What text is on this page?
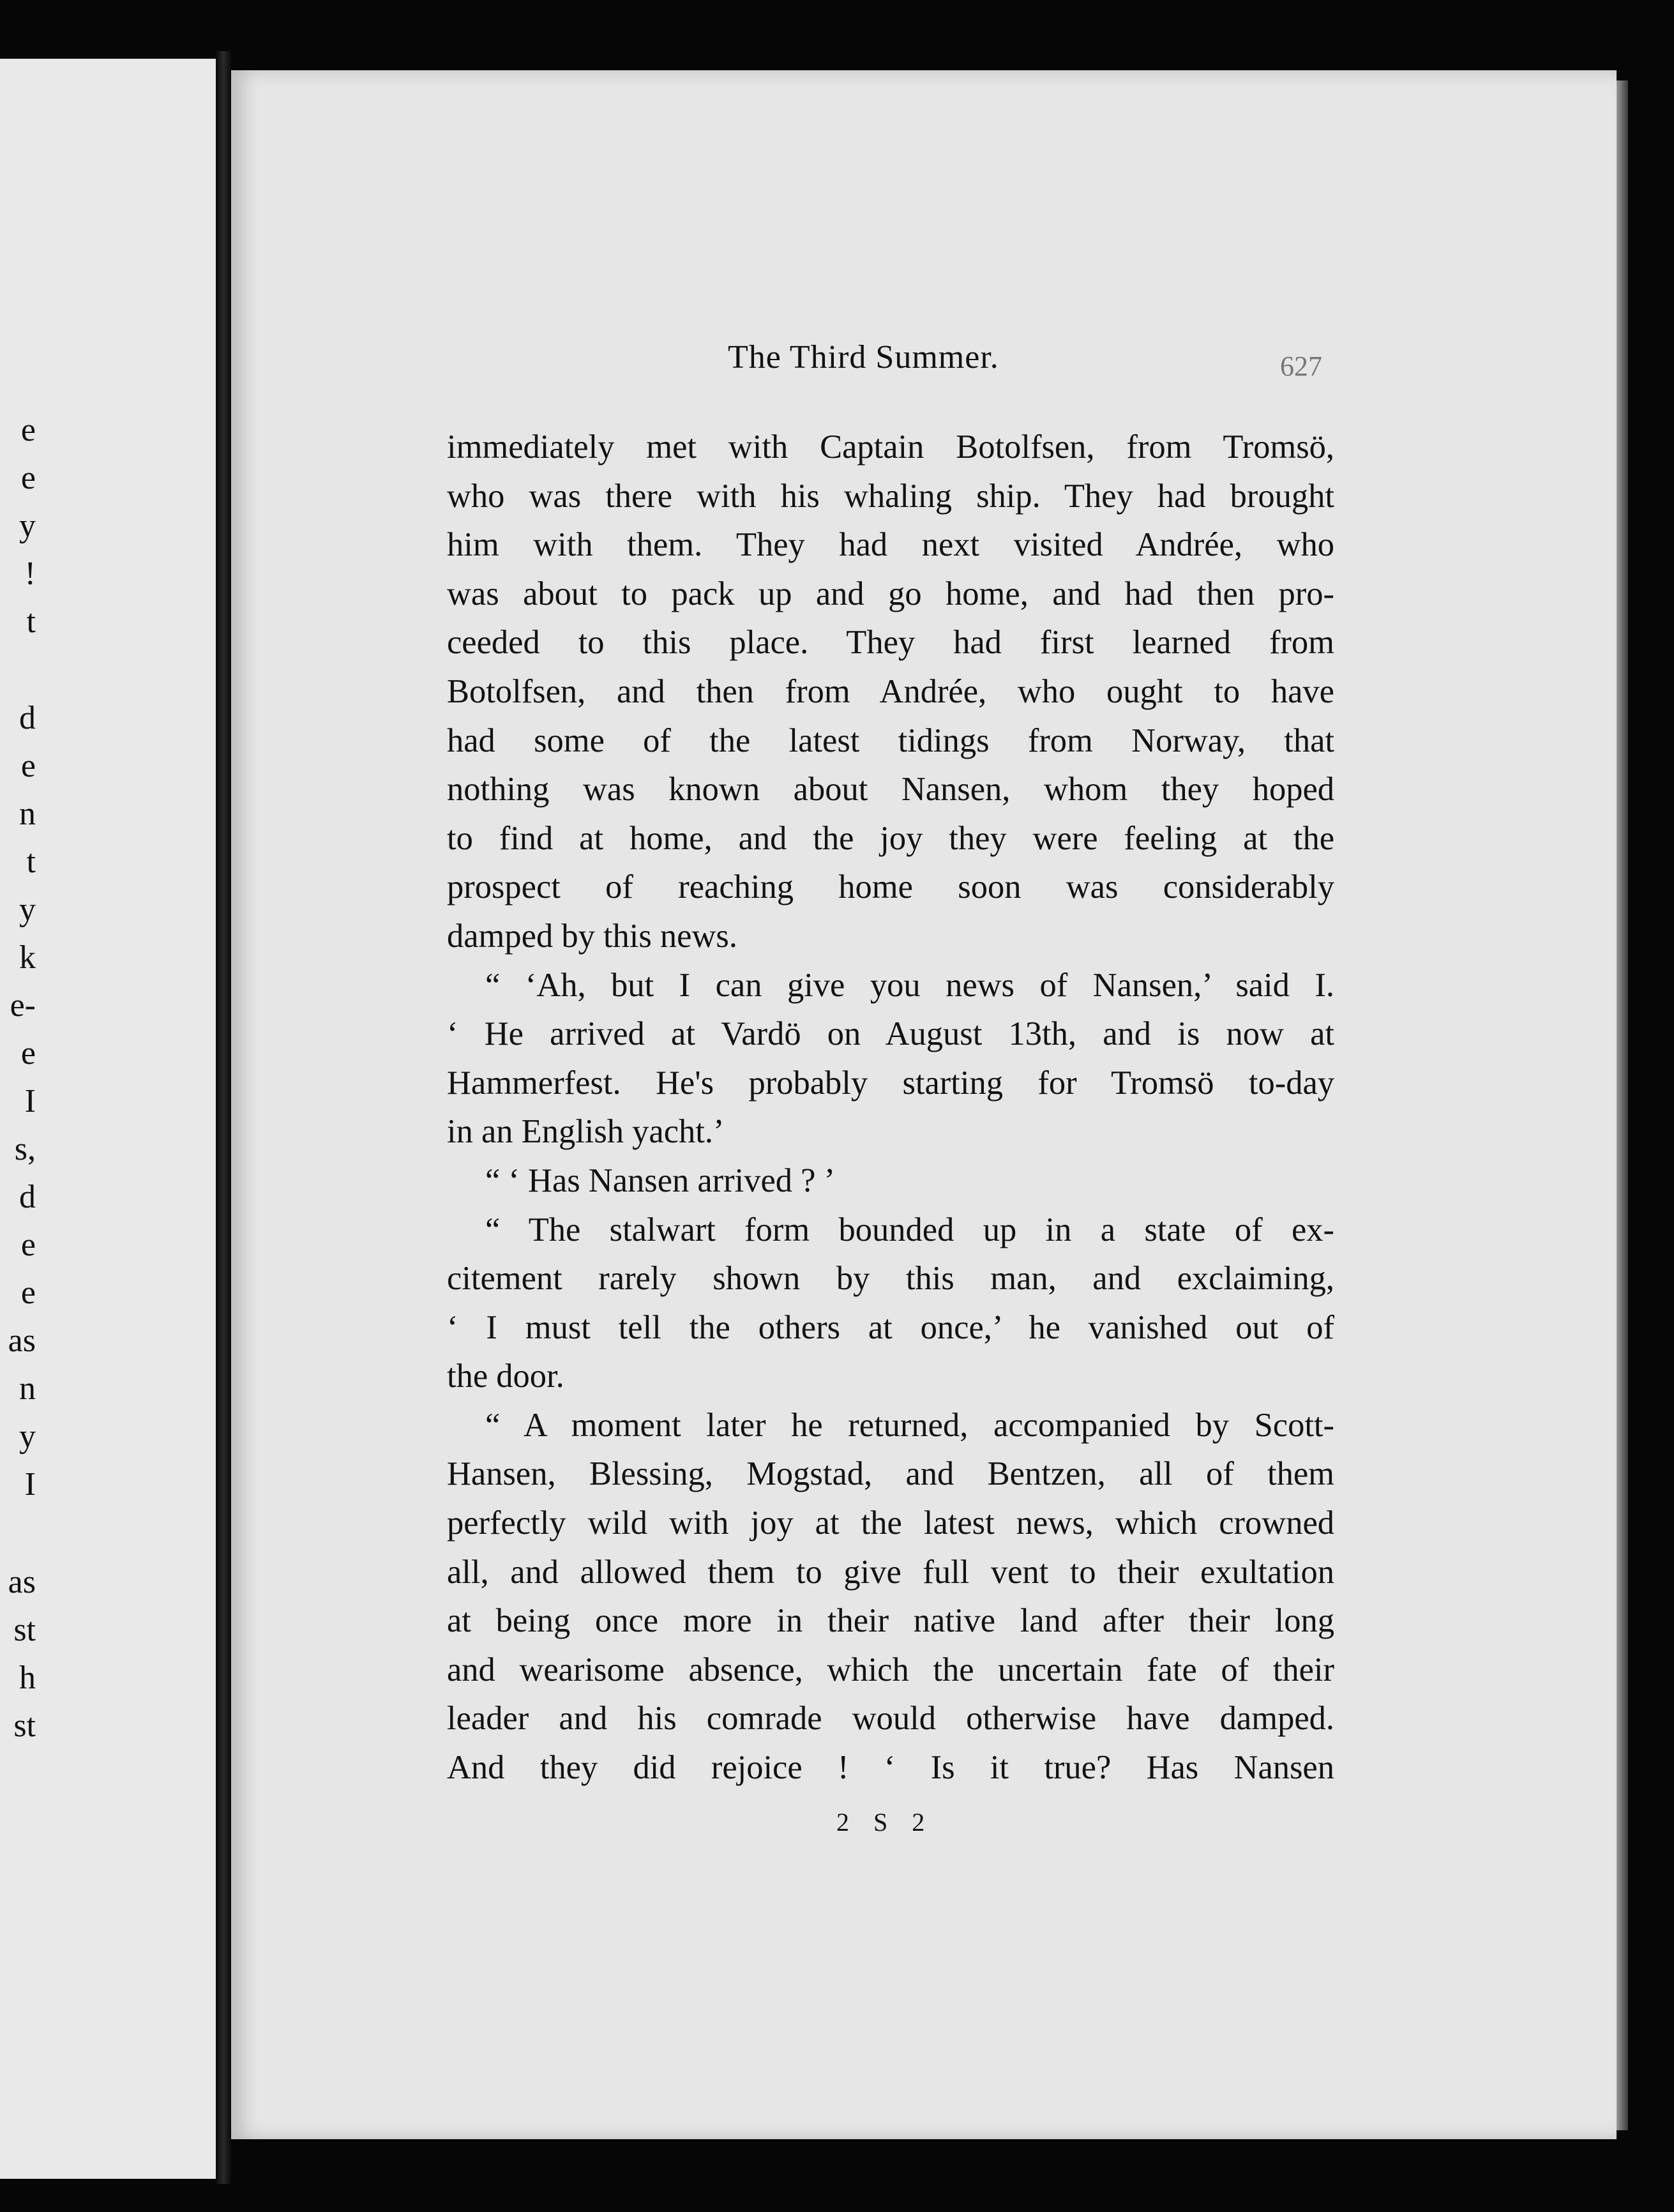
e
e
y
!
t
d
e
n
t
y
k
e-
e
I
s,
d
e
e
as
n
y
I
as
st
h
st
The Third Summer.	627
immediately met with Captain Botolfsen, from Tromsö,
who was there with his whaling ship. They had brought
him with them. They had next visited Andrée, who
was about to pack up and go home, and had then pro-
ceeded to this place. They had first learned from
Botolfsen, and then from Andrée, who ought to have
had some of the latest tidings from Norway, that
nothing was known about Nansen, whom they hoped
to find at home, and the joy they were feeling at the
prospect of reaching home soon was considerably
damped by this news.
“ ‘Ah, but I can give you news of Nansen,’ said I.
‘ He arrived at Vardö on August 13th, and is now at
Hammerfest. He's probably starting for Tromsö to-day
in an English yacht.’
“ ‘ Has Nansen arrived ? ’
“ The stalwart form bounded up in a state of ex-
citement rarely shown by this man, and exclaiming,
‘ I must tell the others at once,’ he vanished out of
the door.
“ A moment later he returned, accompanied by Scott-
Hansen, Blessing, Mogstad, and Bentzen, all of them
perfectly wild with joy at the latest news, which crowned
all, and allowed them to give full vent to their exultation
at being once more in their native land after their long
and wearisome absence, which the uncertain fate of their
leader and his comrade would otherwise have damped.
And they did rejoice ! ‘ Is it true? Has Nansen
2 S 2
